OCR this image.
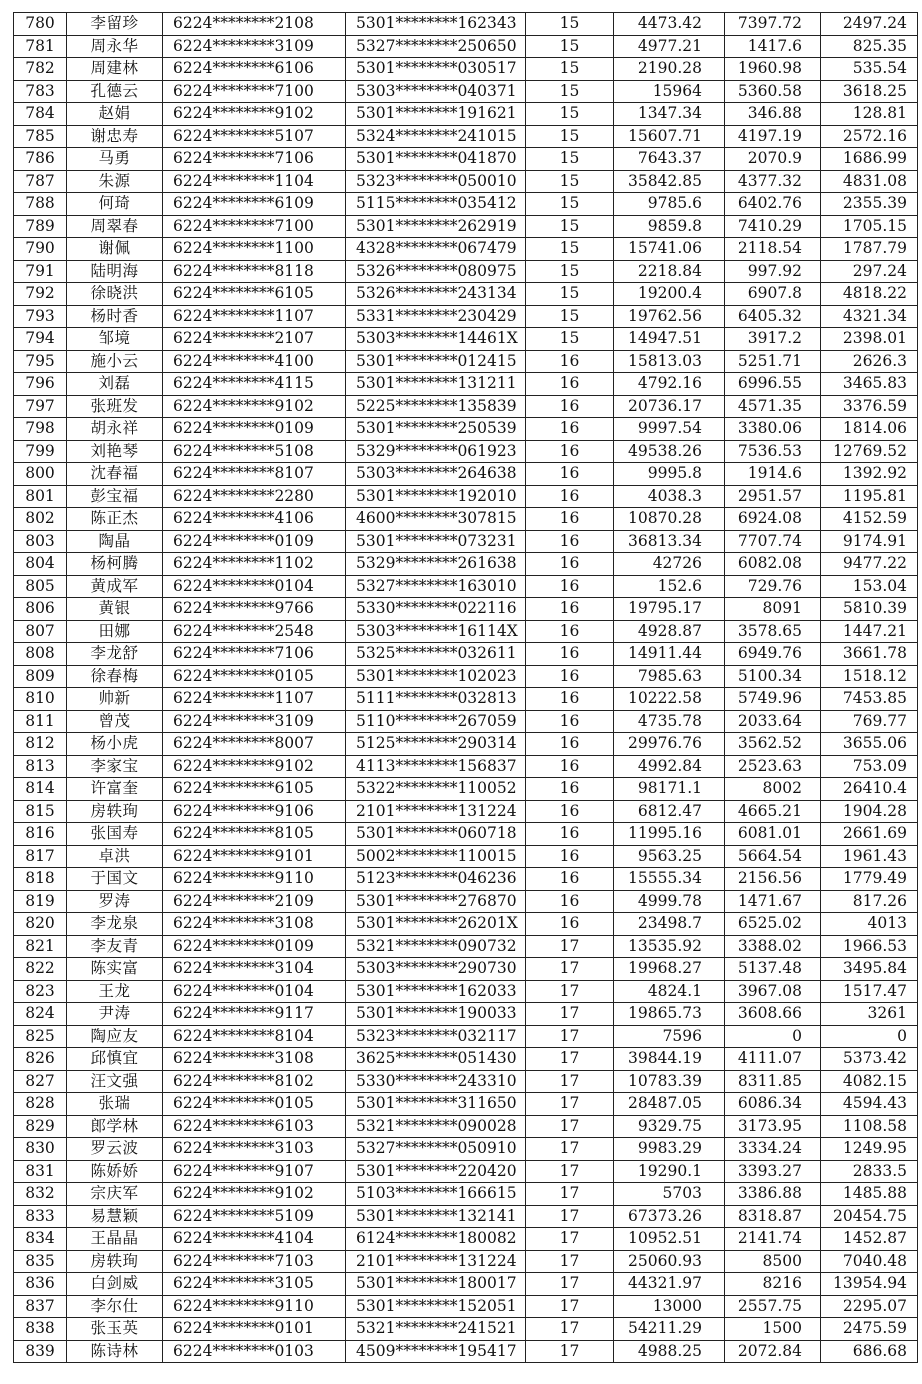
780	李留珍	6224********2108	5301********162343	15	4473.42	7397.72	2497.24
781	周永华	6224********3109	5327********250650	15	4977.21	1417.6	825.35
782	周建林	6224********6106	5301********030517	15	2190.28	1960.98	535.54
783	孔德云	6224********7100	5303********040371	15	15964	5360.58	3618.25
784	赵娟	6224********9102	5301********191621	15	1347.34	346.88	128.81
785	谢忠寿	6224********5107	5324********241015	15	15607.71	4197.19	2572.16
786	马勇	6224********7106	5301********041870	15	7643.37	2070.9	1686.99
787	朱源	6224********1104	5323********050010	15	35842.85	4377.32	4831.08
788	何琦	6224********6109	5115********035412	15	9785.6	6402.76	2355.39
789	周翠春	6224********7100	5301********262919	15	9859.8	7410.29	1705.15
790	谢佩	6224********1100	4328********067479	15	15741.06	2118.54	1787.79
791	陆明海	6224********8118	5326********080975	15	2218.84	997.92	297.24
792	徐晓洪	6224********6105	5326********243134	15	19200.4	6907.8	4818.22
793	杨时香	6224********1107	5331********230429	15	19762.56	6405.32	4321.34
794	邹境	6224********2107	5303********14461X	15	14947.51	3917.2	2398.01
795	施小云	6224********4100	5301********012415	16	15813.03	5251.71	2626.3
796	刘磊	6224********4115	5301********131211	16	4792.16	6996.55	3465.83
797	张班发	6224********9102	5225********135839	16	20736.17	4571.35	3376.59
798	胡永祥	6224********0109	5301********250539	16	9997.54	3380.06	1814.06
799	刘艳琴	6224********5108	5329********061923	16	49538.26	7536.53	12769.52
800	沈春福	6224********8107	5303********264638	16	9995.8	1914.6	1392.92
801	彭宝福	6224********2280	5301********192010	16	4038.3	2951.57	1195.81
802	陈正杰	6224********4106	4600********307815	16	10870.28	6924.08	4152.59
803	陶晶	6224********0109	5301********073231	16	36813.34	7707.74	9174.91
804	杨柯腾	6224********1102	5329********261638	16	42726	6082.08	9477.22
805	黄成军	6224********0104	5327********163010	16	152.6	729.76	153.04
806	黄银	6224********9766	5330********022116	16	19795.17	8091	5810.39
807	田娜	6224********2548	5303********16114X	16	4928.87	3578.65	1447.21
808	李龙舒	6224********7106	5325********032611	16	14911.44	6949.76	3661.78
809	徐春梅	6224********0105	5301********102023	16	7985.63	5100.34	1518.12
810	帅新	6224********1107	5111********032813	16	10222.58	5749.96	7453.85
811	曾茂	6224********3109	5110********267059	16	4735.78	2033.64	769.77
812	杨小虎	6224********8007	5125********290314	16	29976.76	3562.52	3655.06
813	李家宝	6224********9102	4113********156837	16	4992.84	2523.63	753.09
814	许富奎	6224********6105	5322********110052	16	98171.1	8002	26410.4
815	房轶珣	6224********9106	2101********131224	16	6812.47	4665.21	1904.28
816	张国寿	6224********8105	5301********060718	16	11995.16	6081.01	2661.69
817	卓洪	6224********9101	5002********110015	16	9563.25	5664.54	1961.43
818	于国文	6224********9110	5123********046236	16	15555.34	2156.56	1779.49
819	罗涛	6224********2109	5301********276870	16	4999.78	1471.67	817.26
820	李龙泉	6224********3108	5301********26201X	16	23498.7	6525.02	4013
821	李友青	6224********0109	5321********090732	17	13535.92	3388.02	1966.53
822	陈实富	6224********3104	5303********290730	17	19968.27	5137.48	3495.84
823	王龙	6224********0104	5301********162033	17	4824.1	3967.08	1517.47
824	尹涛	6224********9117	5301********190033	17	19865.73	3608.66	3261
825	陶应友	6224********8104	5323********032117	17	7596	0	0
826	邱慎宜	6224********3108	3625********051430	17	39844.19	4111.07	5373.42
827	汪文强	6224********8102	5330********243310	17	10783.39	8311.85	4082.15
828	张瑞	6224********0105	5301********311650	17	28487.05	6086.34	4594.43
829	郎学林	6224********6103	5321********090028	17	9329.75	3173.95	1108.58
830	罗云波	6224********3103	5327********050910	17	9983.29	3334.24	1249.95
831	陈娇娇	6224********9107	5301********220420	17	19290.1	3393.27	2833.5
832	宗庆军	6224********9102	5103********166615	17	5703	3386.88	1485.88
833	易慧颖	6224********5109	5301********132141	17	67373.26	8318.87	20454.75
834	王晶晶	6224********4104	6124********180082	17	10952.51	2141.74	1452.87
835	房轶珣	6224********7103	2101********131224	17	25060.93	8500	7040.48
836	白剑威	6224********3105	5301********180017	17	44321.97	8216	13954.94
837	李尔仕	6224********9110	5301********152051	17	13000	2557.75	2295.07
838	张玉英	6224********0101	5321********241521	17	54211.29	1500	2475.59
839	陈诗林	6224********0103	4509********195417	17	4988.25	2072.84	686.68
